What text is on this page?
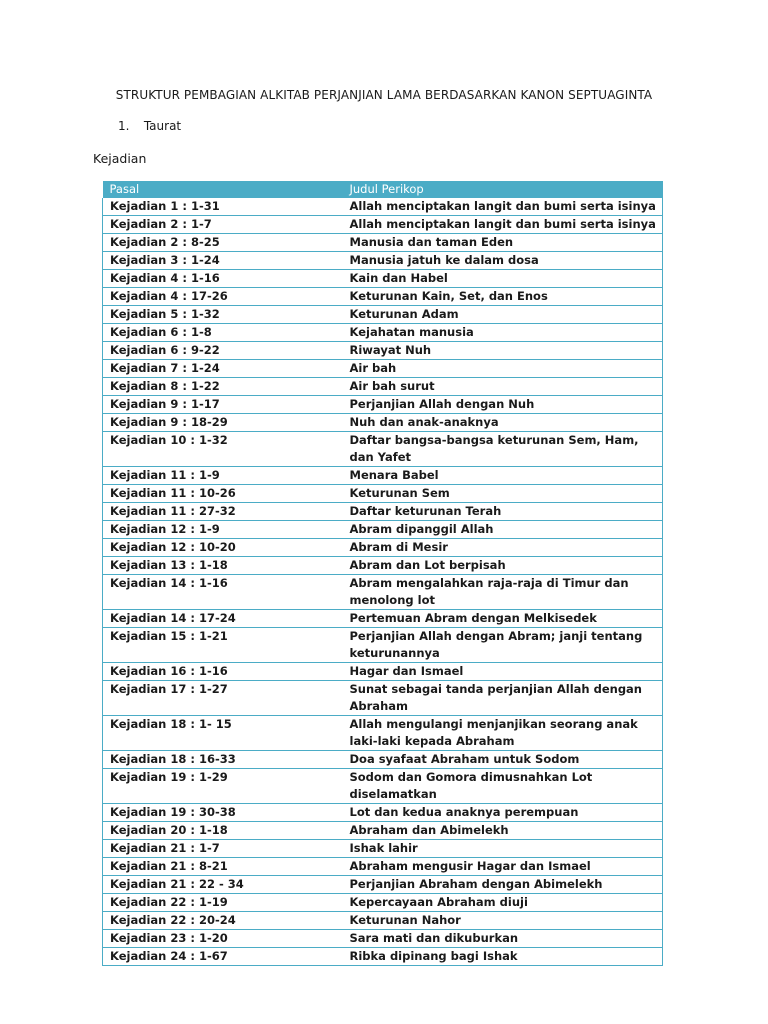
STRUKTUR PEMBAGIAN ALKITAB PERJANJIAN LAMA BERDASARKAN KANON SEPTUAGINTA
1. Taurat
Kejadian
Pasal	Judul Perikop
Kejadian 1 : 1-31	Allah menciptakan langit dan bumi serta isinya
Kejadian 2 : 1-7	Allah menciptakan langit dan bumi serta isinya
Kejadian 2 : 8-25	Manusia dan taman Eden
Kejadian 3 : 1-24	Manusia jatuh ke dalam dosa
Kejadian 4 : 1-16	Kain dan Habel
Kejadian 4 : 17-26	Keturunan Kain, Set, dan Enos
Kejadian 5 : 1-32	Keturunan Adam
Kejadian 6 : 1-8	Kejahatan manusia
Kejadian 6 : 9-22	Riwayat Nuh
Kejadian 7 : 1-24	Air bah
Kejadian 8 : 1-22	Air bah surut
Kejadian 9 : 1-17	Perjanjian Allah dengan Nuh
Kejadian 9 : 18-29	Nuh dan anak-anaknya
Kejadian 10 : 1-32	Daftar bangsa-bangsa keturunan Sem, Ham, dan Yafet
Kejadian 11 : 1-9	Menara Babel
Kejadian 11 : 10-26	Keturunan Sem
Kejadian 11 : 27-32	Daftar keturunan Terah
Kejadian 12 : 1-9	Abram dipanggil Allah
Kejadian 12 : 10-20	Abram di Mesir
Kejadian 13 : 1-18	Abram dan Lot berpisah
Kejadian 14 : 1-16	Abram mengalahkan raja-raja di Timur dan menolong lot
Kejadian 14 : 17-24	Pertemuan Abram dengan Melkisedek
Kejadian 15 : 1-21	Perjanjian Allah dengan Abram; janji tentang keturunannya
Kejadian 16 : 1-16	Hagar dan Ismael
Kejadian 17 : 1-27	Sunat sebagai tanda perjanjian Allah dengan Abraham
Kejadian 18 : 1- 15	Allah mengulangi menjanjikan seorang anak laki-laki kepada Abraham
Kejadian 18 : 16-33	Doa syafaat Abraham untuk Sodom
Kejadian 19 : 1-29	Sodom dan Gomora dimusnahkan Lot diselamatkan
Kejadian 19 : 30-38	Lot dan kedua anaknya perempuan
Kejadian 20 : 1-18	Abraham dan Abimelekh
Kejadian 21 : 1-7	Ishak lahir
Kejadian 21 : 8-21	Abraham mengusir Hagar dan Ismael
Kejadian 21 : 22 - 34	Perjanjian Abraham dengan Abimelekh
Kejadian 22 : 1-19	Kepercayaan Abraham diuji
Kejadian 22 : 20-24	Keturunan Nahor
Kejadian 23 : 1-20	Sara mati dan dikuburkan
Kejadian 24 : 1-67	Ribka dipinang bagi Ishak
